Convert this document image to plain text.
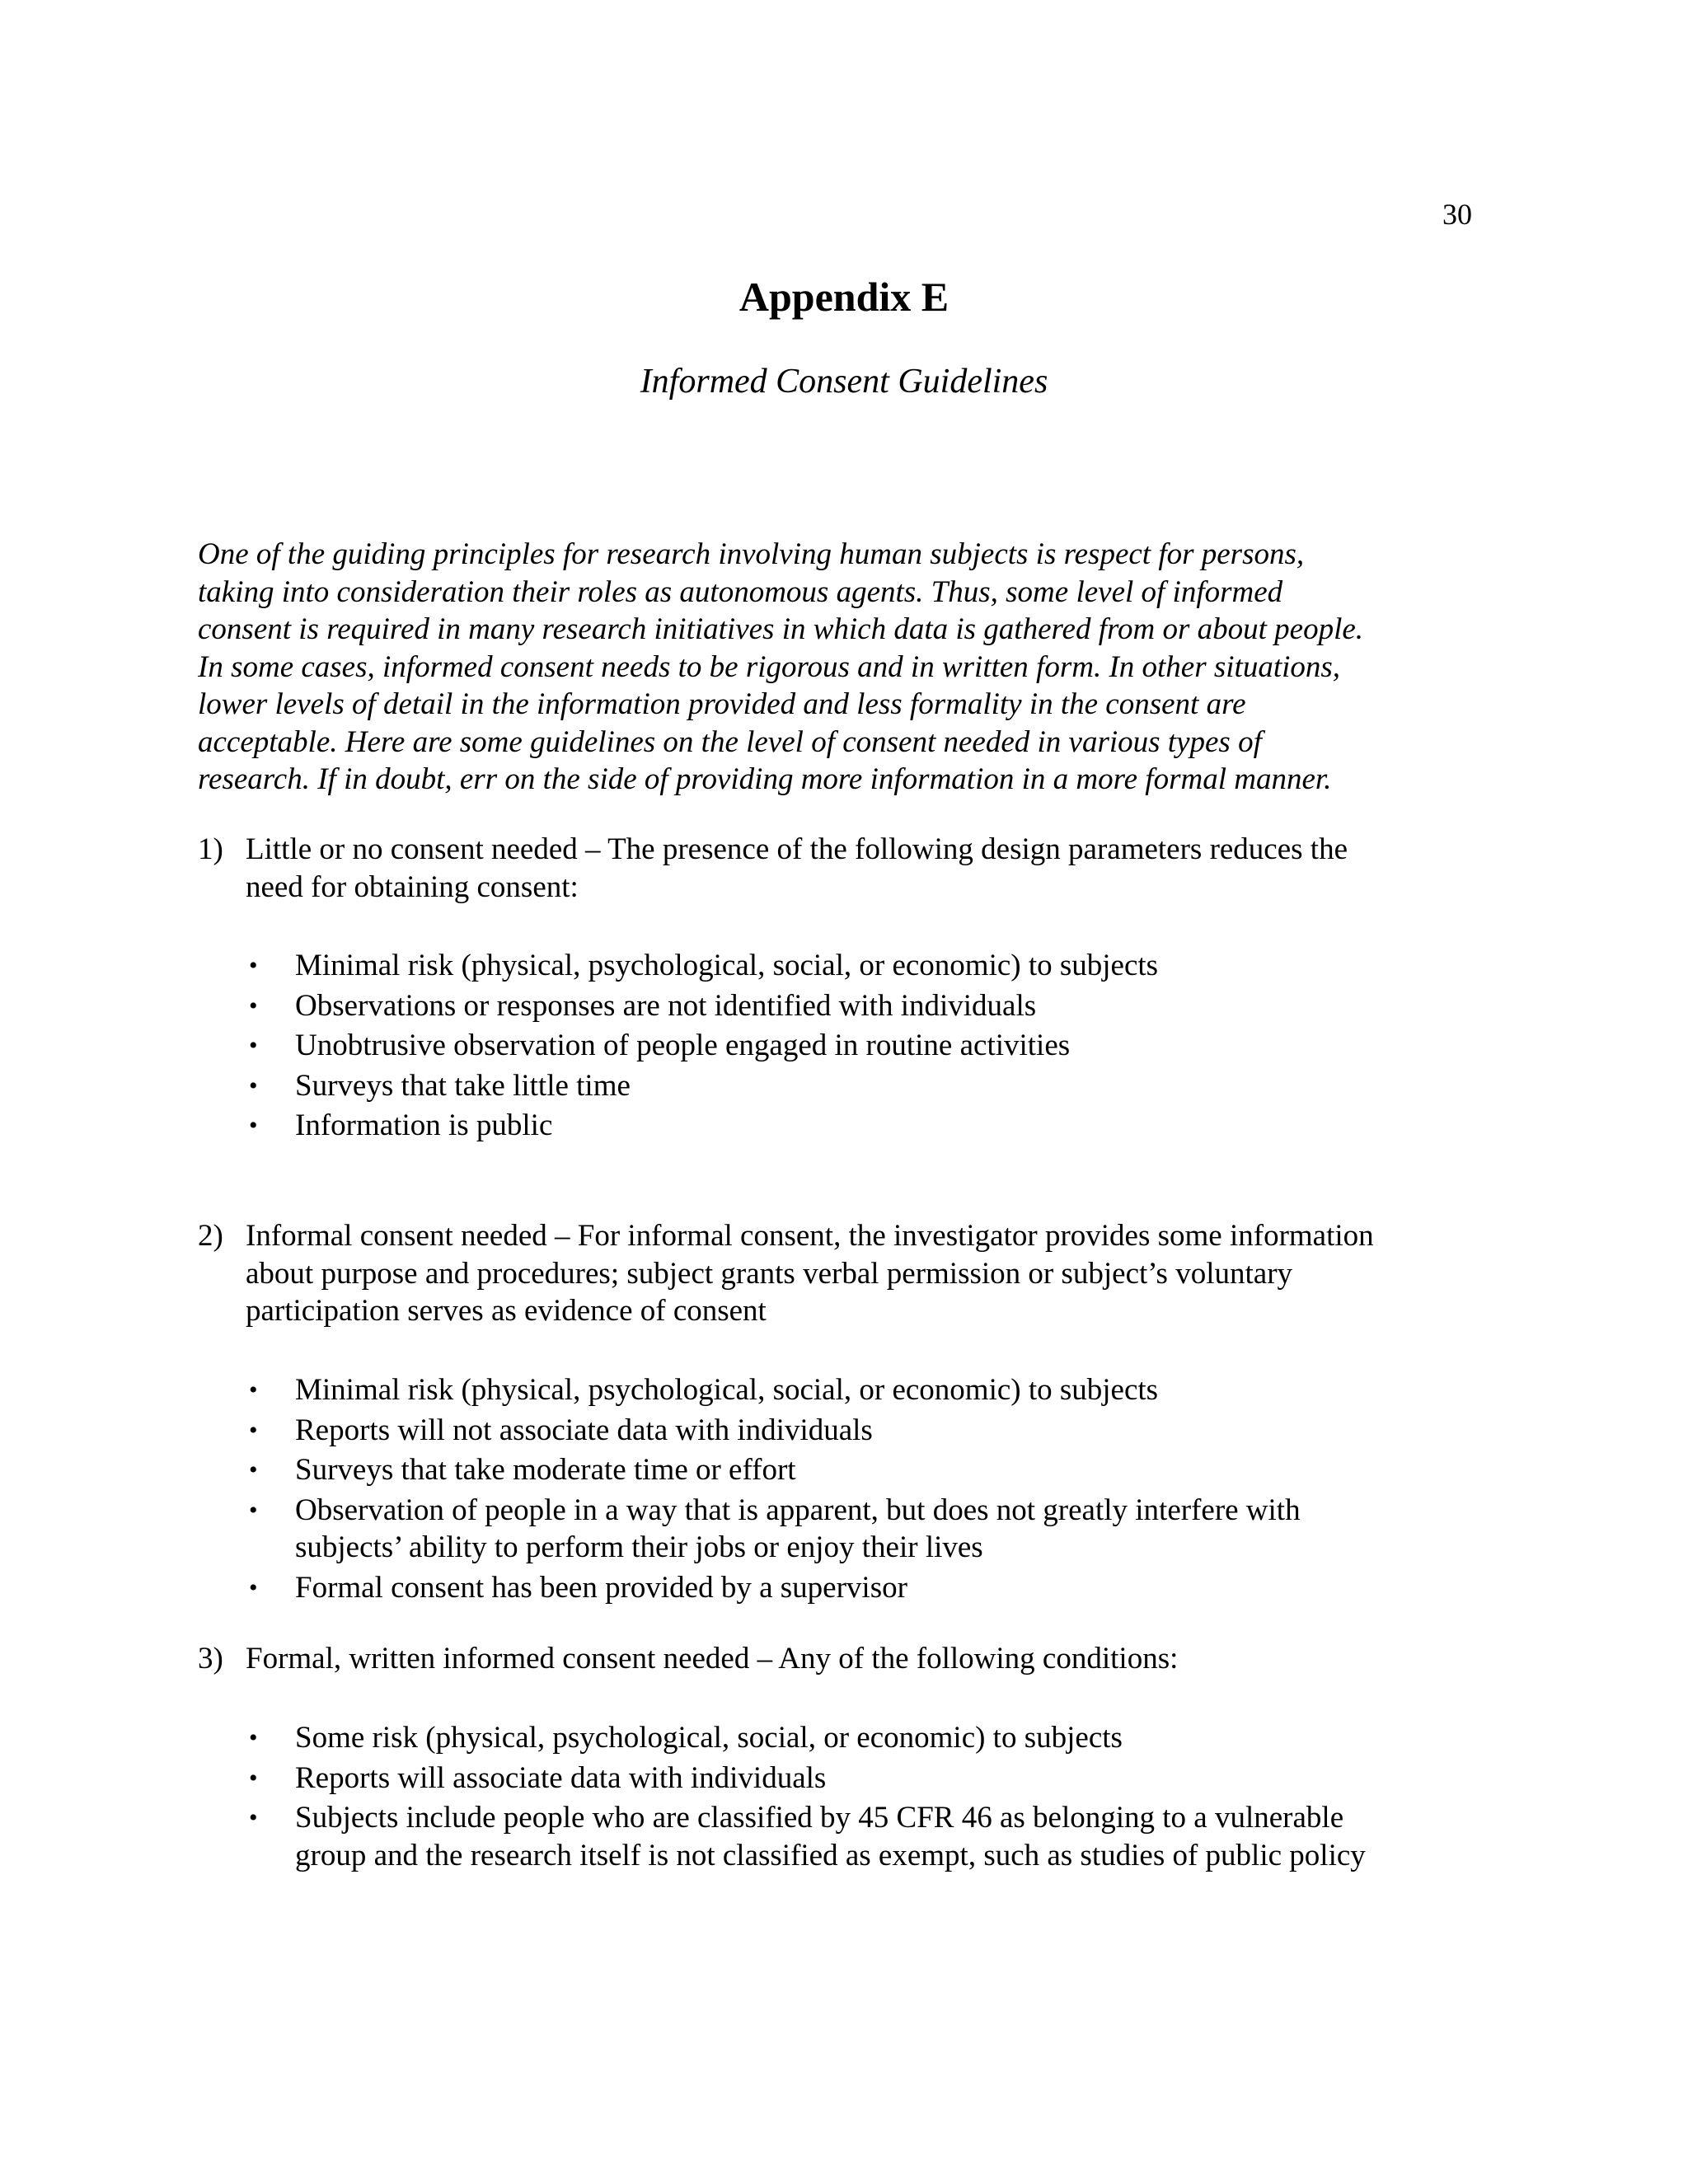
30
Appendix E
Informed Consent Guidelines

One of the guiding principles for research involving human subjects is respect for persons,
taking into consideration their roles as autonomous agents. Thus, some level of informed
consent is required in many research initiatives in which data is gathered from or about people.
In some cases, informed consent needs to be rigorous and in written form. In other situations,
lower levels of detail in the information provided and less formality in the consent are
acceptable. Here are some guidelines on the level of consent needed in various types of
research. If in doubt, err on the side of providing more information in a more formal manner.

1) Little or no consent needed – The presence of the following design parameters reduces the
need for obtaining consent:
• Minimal risk (physical, psychological, social, or economic) to subjects
• Observations or responses are not identified with individuals
• Unobtrusive observation of people engaged in routine activities
• Surveys that take little time
• Information is public
2) Informal consent needed – For informal consent, the investigator provides some information
about purpose and procedures; subject grants verbal permission or subject’s voluntary
participation serves as evidence of consent
• Minimal risk (physical, psychological, social, or economic) to subjects
• Reports will not associate data with individuals
• Surveys that take moderate time or effort
• Observation of people in a way that is apparent, but does not greatly interfere with
subjects’ ability to perform their jobs or enjoy their lives
• Formal consent has been provided by a supervisor
3) Formal, written informed consent needed – Any of the following conditions:
• Some risk (physical, psychological, social, or economic) to subjects
• Reports will associate data with individuals
• Subjects include people who are classified by 45 CFR 46 as belonging to a vulnerable
group and the research itself is not classified as exempt, such as studies of public policy
